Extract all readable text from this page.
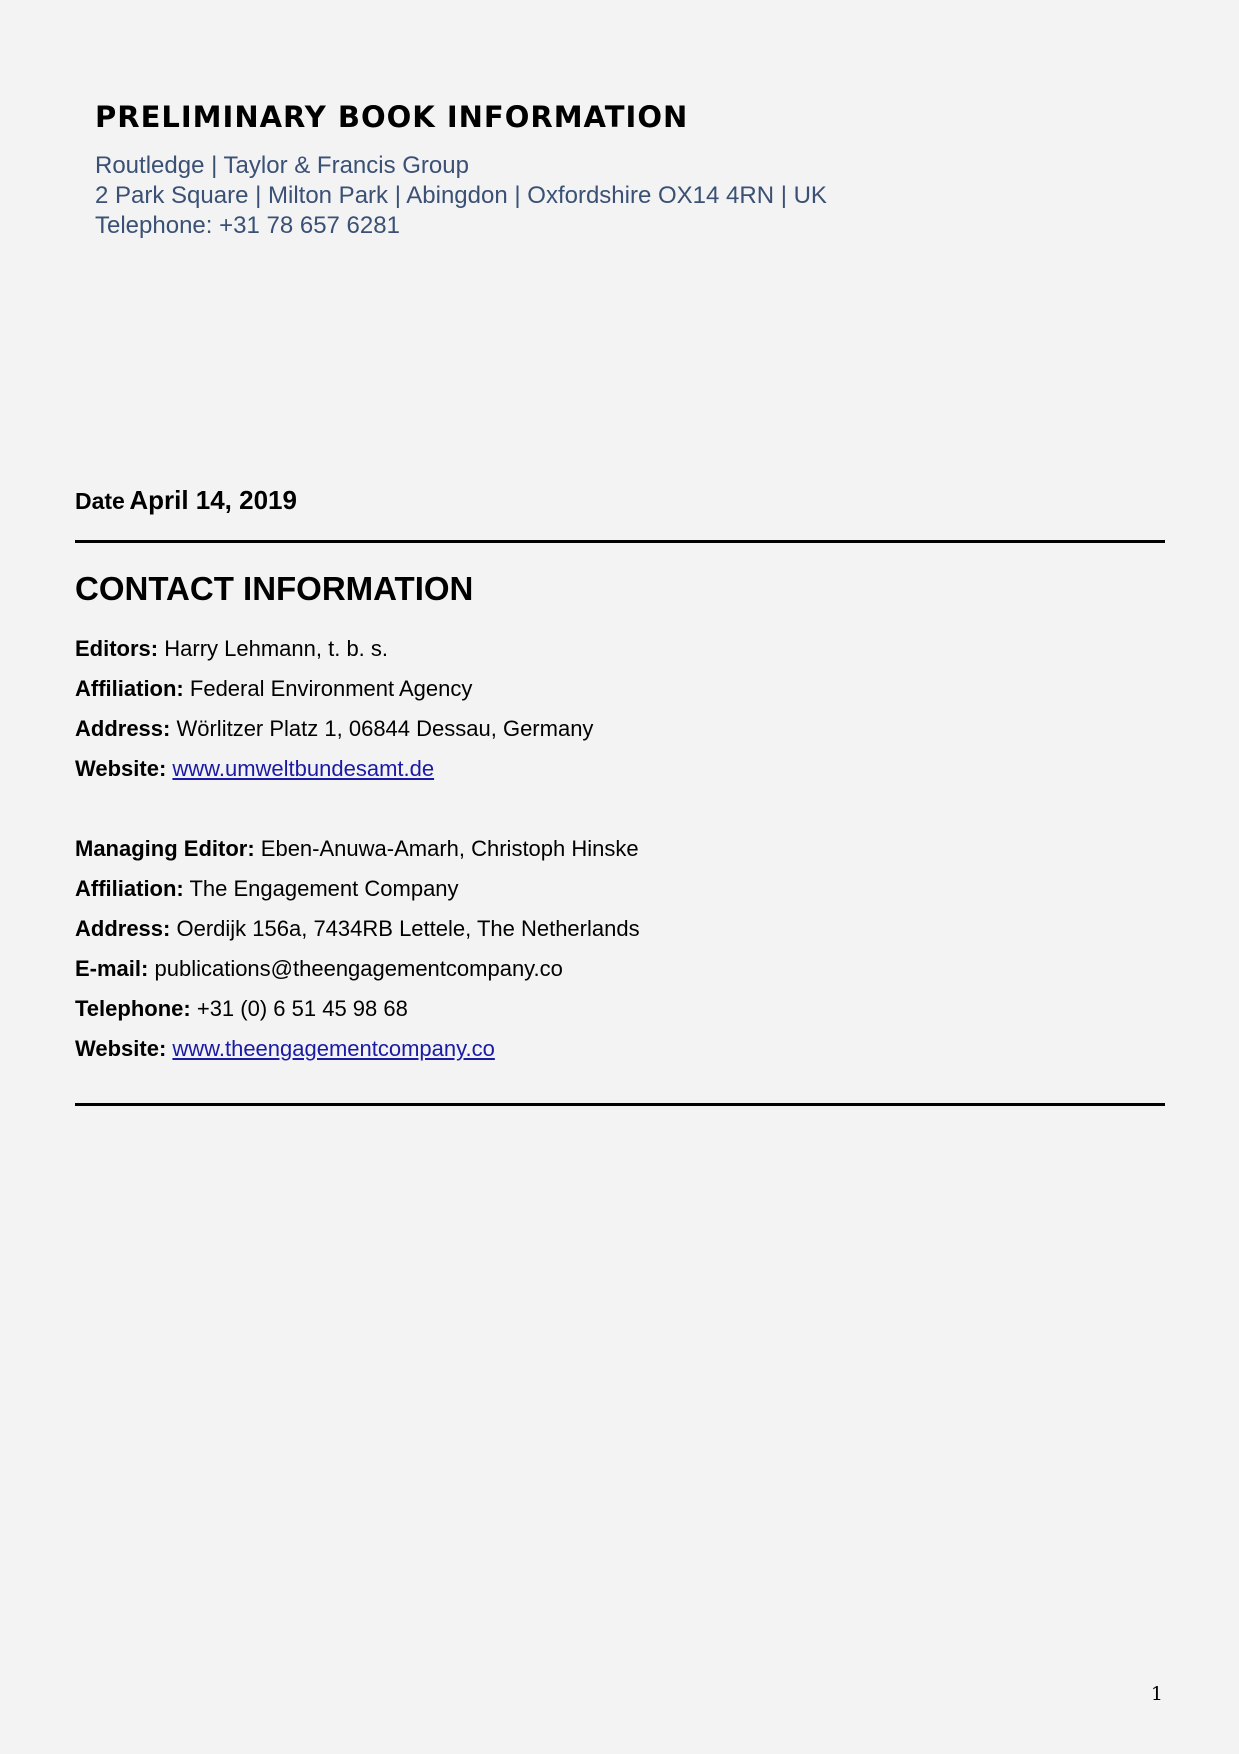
PRELIMINARY BOOK INFORMATION
Routledge | Taylor & Francis Group
2 Park Square | Milton Park | Abingdon | Oxfordshire OX14 4RN | UK
Telephone: +31 78 657 6281
Date April 14, 2019
CONTACT INFORMATION
Editors: Harry Lehmann, t. b. s.
Affiliation: Federal Environment Agency
Address: Wörlitzer Platz 1, 06844 Dessau, Germany
Website: www.umweltbundesamt.de
Managing Editor: Eben-Anuwa-Amarh, Christoph Hinske
Affiliation: The Engagement Company
Address: Oerdijk 156a, 7434RB Lettele, The Netherlands
E-mail: publications@theengagementcompany.co
Telephone: +31 (0) 6 51 45 98 68
Website: www.theengagementcompany.co
1
